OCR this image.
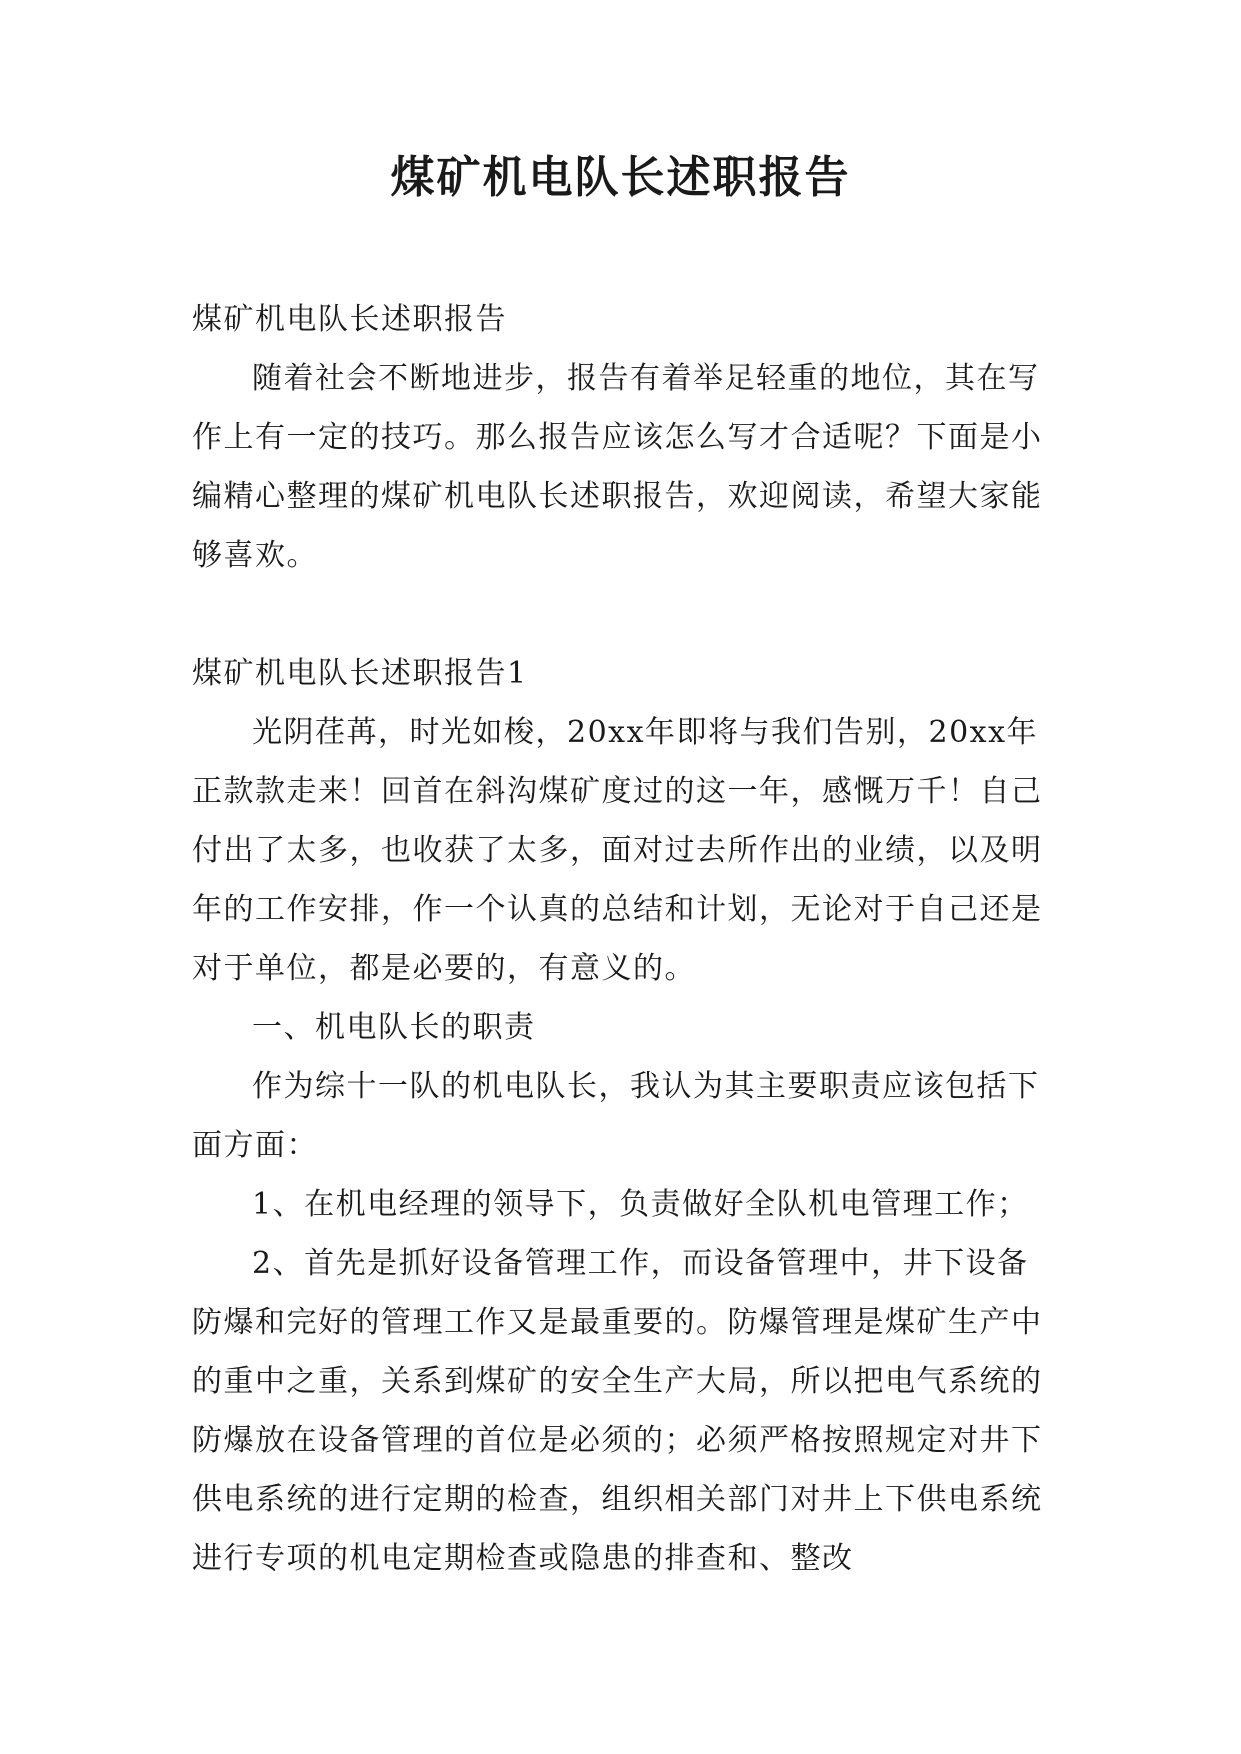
煤矿机电队长述职报告

煤矿机电队长述职报告

随着社会不断地进步，报告有着举足轻重的地位，其在写作上有一定的技巧。那么报告应该怎么写才合适呢？下面是小编精心整理的煤矿机电队长述职报告，欢迎阅读，希望大家能够喜欢。

煤矿机电队长述职报告1

光阴荏苒，时光如梭，20xx年即将与我们告别，20xx年正款款走来！回首在斜沟煤矿度过的这一年，感慨万千！自己付出了太多，也收获了太多，面对过去所作出的业绩，以及明年的工作安排，作一个认真的总结和计划，无论对于自己还是对于单位，都是必要的，有意义的。

一、机电队长的职责

作为综十一队的机电队长，我认为其主要职责应该包括下面方面：

1、在机电经理的领导下，负责做好全队机电管理工作；

2、首先是抓好设备管理工作，而设备管理中，井下设备防爆和完好的管理工作又是最重要的。防爆管理是煤矿生产中的重中之重，关系到煤矿的安全生产大局，所以把电气系统的防爆放在设备管理的首位是必须的；必须严格按照规定对井下供电系统的进行定期的检查，组织相关部门对井上下供电系统进行专项的机电定期检查或隐患的排查和、整改
